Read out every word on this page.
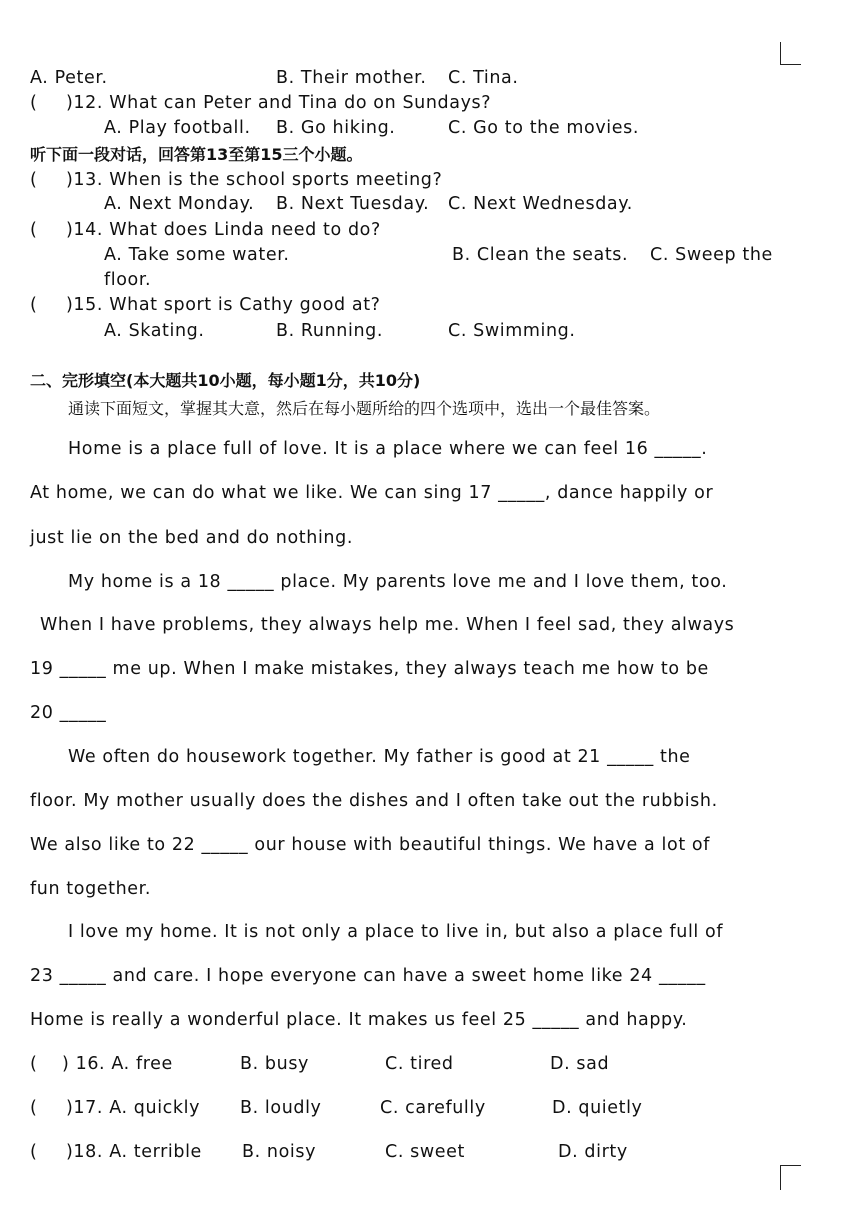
A. Peter.	B. Their mother. C. Tina.
( )12. What can Peter and Tina do on Sundays?
A. Play football. B. Go hiking.	C. Go to the movies.
听下面一段对话，回答第13至第15三个小题。
( )13. When is the school sports meeting?
A. Next Monday. B. Next Tuesday. C. Next Wednesday.
( )14. What does Linda need to do?
A. Take some water.	B. Clean the seats. C. Sweep the
floor.
( )15. What sport is Cathy good at?
A. Skating.	B. Running.	C. Swimming.
二、完形填空(本大题共10小题，每小题1分，共10分)
通读下面短文，掌握其大意，然后在每小题所给的四个选项中，选出一个最佳答案。
Home is a place full of love. It is a place where we can feel 16 _____.
At home, we can do what we like. We can sing 17 _____, dance happily or
just lie on the bed and do nothing.
My home is a 18 _____ place. My parents love me and I love them, too.
When I have problems, they always help me. When I feel sad, they always
19 _____ me up. When I make mistakes, they always teach me how to be
20 _____
We often do housework together. My father is good at 21 _____ the
floor. My mother usually does the dishes and I often take out the rubbish.
We also like to 22 _____ our house with beautiful things. We have a lot of
fun together.
I love my home. It is not only a place to live in, but also a place full of
23 _____ and care. I hope everyone can have a sweet home like 24 _____
Home is really a wonderful place. It makes us feel 25 _____ and happy.
( ) 16. A. free	B. busy	C. tired	D. sad
( )17. A. quickly B. loudly	C. carefully	D. quietly
( )18. A. terrible B. noisy	C. sweet	D. dirty
